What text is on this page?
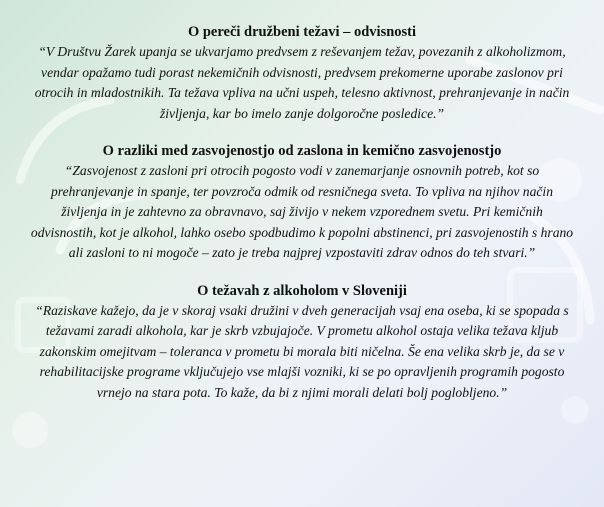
O pereči družbeni težavi – odvisnosti

“V Društvu Žarek upanja se ukvarjamo predvsem z reševanjem težav, povezanih z alkoholizmom, vendar opažamo tudi porast nekemičnih odvisnosti, predvsem prekomerne uporabe zaslonov pri otrocih in mladostnikih. Ta težava vpliva na učni uspeh, telesno aktivnost, prehranjevanje in način življenja, kar bo imelo zanje dolgoročne posledice.”

O razliki med zasvojenostjo od zaslona in kemično zasvojenostjo

“Zasvojenost z zasloni pri otrocih pogosto vodi v zanemarjanje osnovnih potreb, kot so prehranjevanje in spanje, ter povzroča odmik od resničnega sveta. To vpliva na njihov način življenja in je zahtevno za obravnavo, saj živijo v nekem vzporednem svetu. Pri kemičnih odvisnostih, kot je alkohol, lahko osebo spodbudimo k popolni abstinenci, pri zasvojenostih s hrano ali zasloni to ni mogoče – zato je treba najprej vzpostaviti zdrav odnos do teh stvari.”

O težavah z alkoholom v Sloveniji

“Raziskave kažejo, da je v skoraj vsaki družini v dveh generacijah vsaj ena oseba, ki se spopada s težavami zaradi alkohola, kar je skrb vzbujajoče. V prometu alkohol ostaja velika težava kljub zakonskim omejitvam – toleranca v prometu bi morala biti ničelna. Še ena velika skrb je, da se v rehabilitacijske programe vključujejo vse mlajši vozniki, ki se po opravljenih programih pogosto vrnejo na stara pota. To kaže, da bi z njimi morali delati bolj poglobljeno.”
